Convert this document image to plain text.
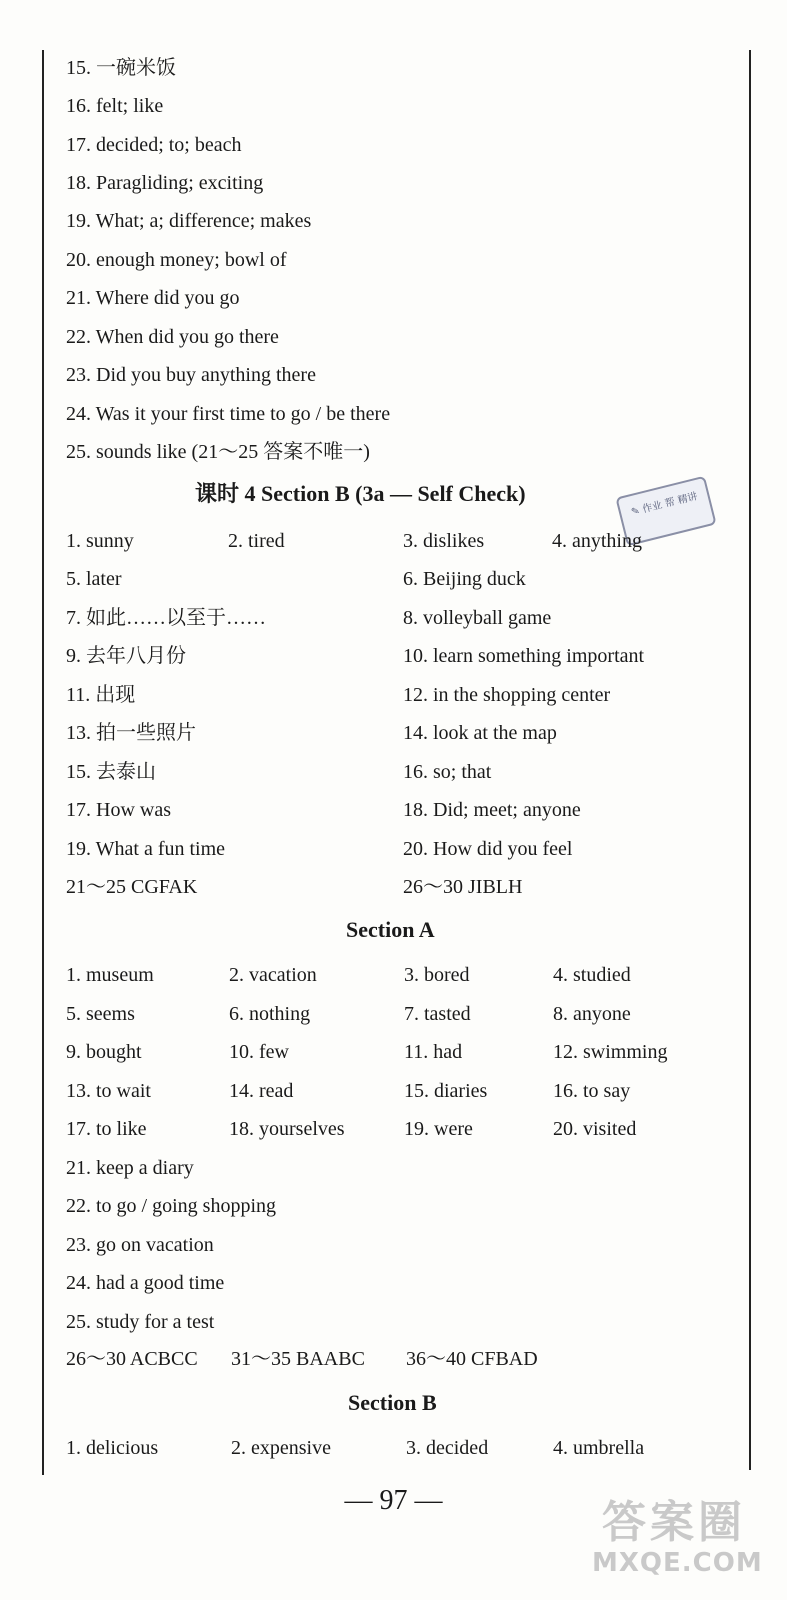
15. 一碗米饭
16. felt; like
17. decided; to; beach
18. Paragliding; exciting
19. What; a; difference; makes
20. enough money; bowl of
21. Where did you go
22. When did you go there
23. Did you buy anything there
24. Was it your first time to go / be there
25. sounds like (21～25 答案不唯一)
课时 4 Section B (3a — Self Check)
✎ 作业 帮 精讲
1. sunny	2. tired	3. dislikes	4. anything
5. later	6. Beijing duck
7. 如此……以至于……	8. volleyball game
9. 去年八月份	10. learn something important
11. 出现	12. in the shopping center
13. 拍一些照片	14. look at the map
15. 去泰山	16. so; that
17. How was	18. Did; meet; anyone
19. What a fun time	20. How did you feel
21～25 CGFAK	26～30 JIBLH
Section A
1. museum	2. vacation	3. bored	4. studied
5. seems	6. nothing	7. tasted	8. anyone
9. bought	10. few	11. had	12. swimming
13. to wait	14. read	15. diaries	16. to say
17. to like	18. yourselves	19. were	20. visited
21. keep a diary
22. to go / going shopping
23. go on vacation
24. had a good time
25. study for a test
26～30 ACBCC 31～35 BAABC 36～40 CFBAD
Section B
1. delicious	2. expensive	3. decided	4. umbrella
— 97 —	答案圈
MXQE.COM
